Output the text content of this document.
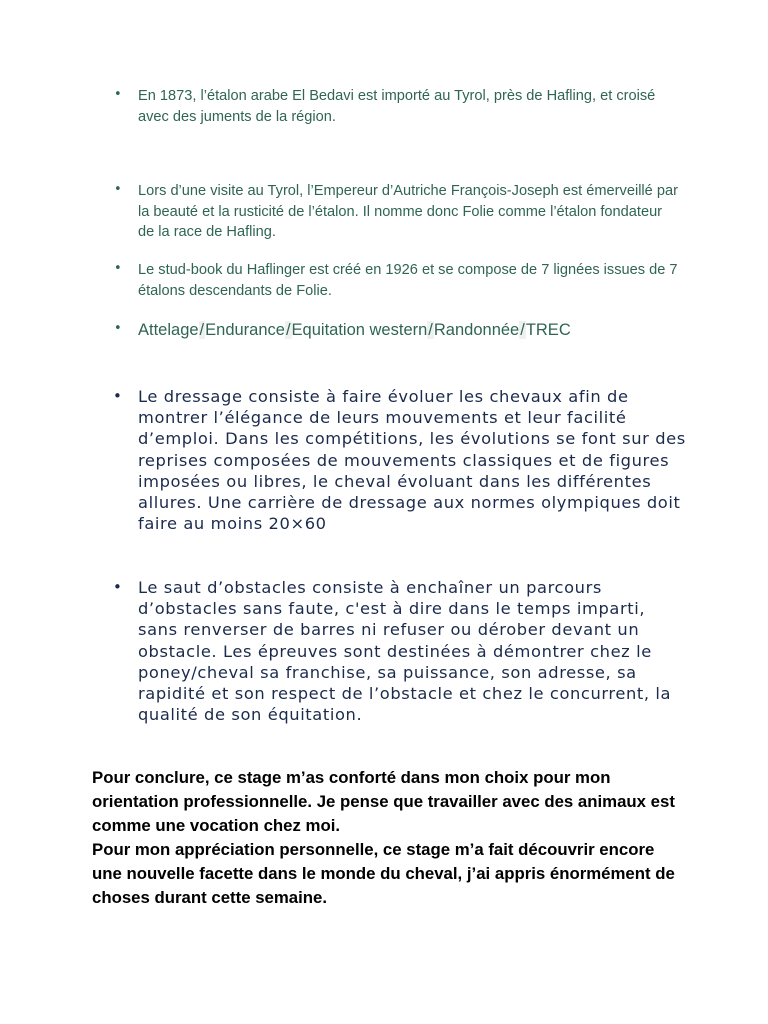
• En 1873, l’étalon arabe El Bedavi est importé au Tyrol, près de Hafling, et croisé avec des juments de la région.
• Lors d’une visite au Tyrol, l’Empereur d’Autriche François-Joseph est émerveillé par la beauté et la rusticité de l’étalon. Il nomme donc Folie comme l’étalon fondateur de la race de Hafling.
• Le stud-book du Haflinger est créé en 1926 et se compose de 7 lignées issues de 7 étalons descendants de Folie.
• Attelage/Endurance/Equitation western/Randonnée/TREC
• Le dressage consiste à faire évoluer les chevaux afin de montrer l’élégance de leurs mouvements et leur facilité d’emploi. Dans les compétitions, les évolutions se font sur des reprises composées de mouvements classiques et de figures imposées ou libres, le cheval évoluant dans les différentes allures. Une carrière de dressage aux normes olympiques doit faire au moins 20×60
• Le saut d’obstacles consiste à enchaîner un parcours d’obstacles sans faute, c'est à dire dans le temps imparti, sans renverser de barres ni refuser ou dérober devant un obstacle. Les épreuves sont destinées à démontrer chez le poney/cheval sa franchise, sa puissance, son adresse, sa rapidité et son respect de l’obstacle et chez le concurrent, la qualité de son équitation.

Pour conclure, ce stage m’as conforté dans mon choix pour mon orientation professionnelle. Je pense que travailler avec des animaux est comme une vocation chez moi.

Pour mon appréciation personnelle, ce stage m’a fait découvrir encore une nouvelle facette dans le monde du cheval, j’ai appris énormément de choses durant cette semaine.
